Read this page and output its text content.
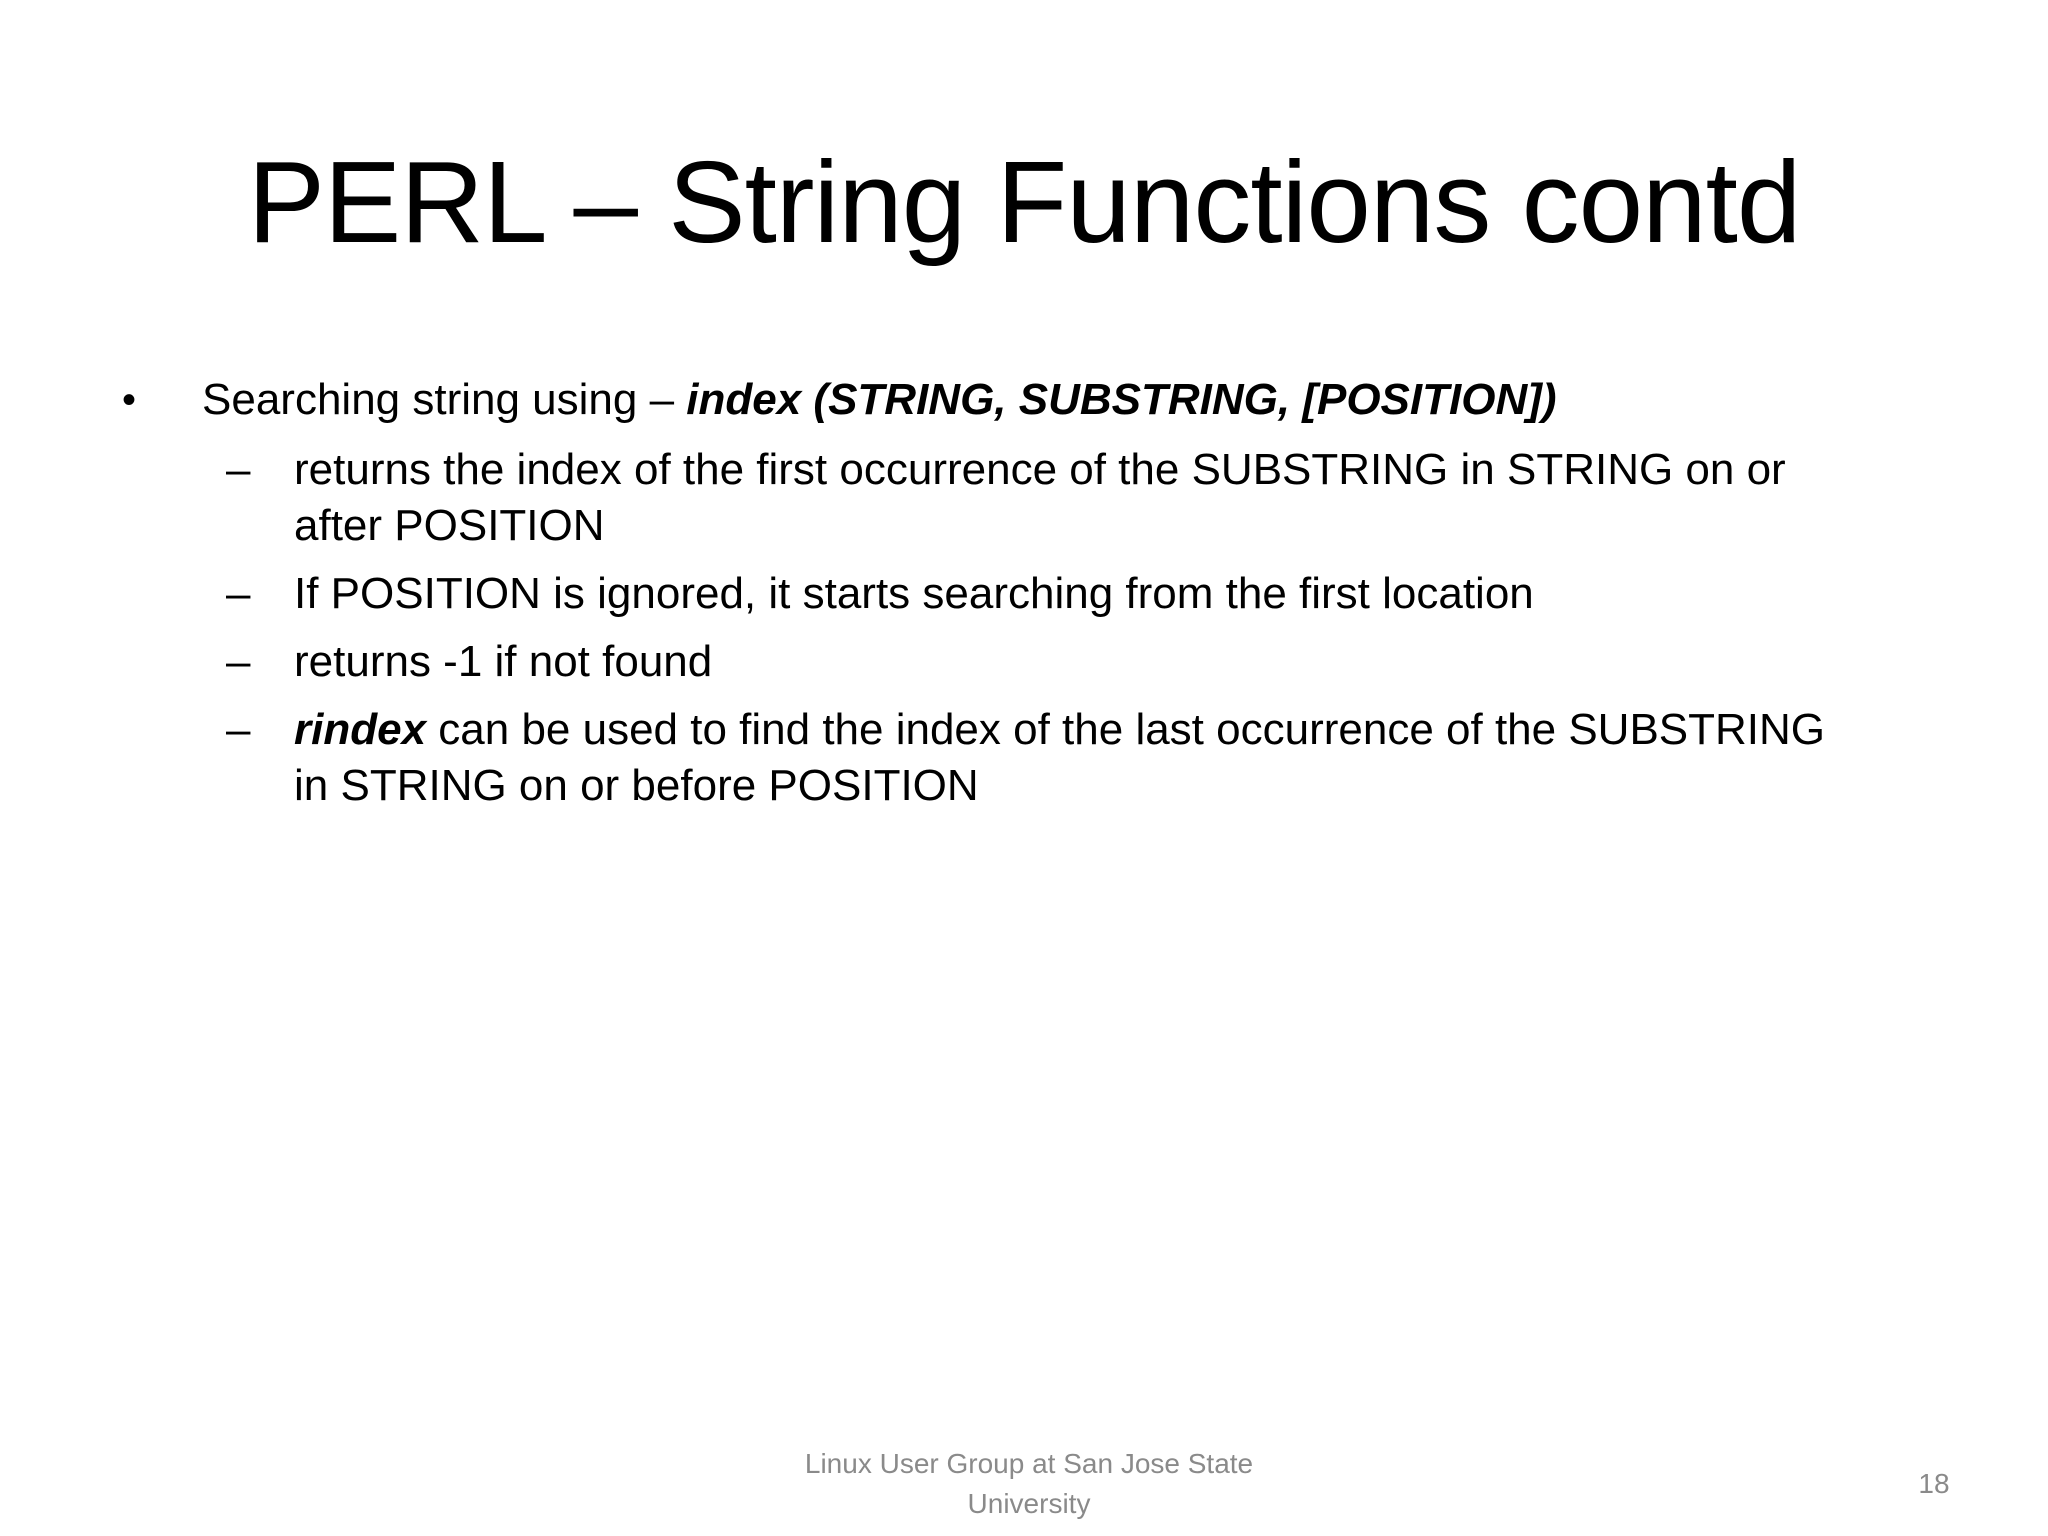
PERL – String Functions contd
• Searching string using – index (STRING, SUBSTRING, [POSITION])
– returns the index of the first occurrence of the SUBSTRING in STRING on or
after POSITION
– If POSITION is ignored, it starts searching from the first location
– returns -1 if not found
– rindex can be used to find the index of the last occurrence of the SUBSTRING
in STRING on or before POSITION
Linux User Group at San Jose State
University
18
